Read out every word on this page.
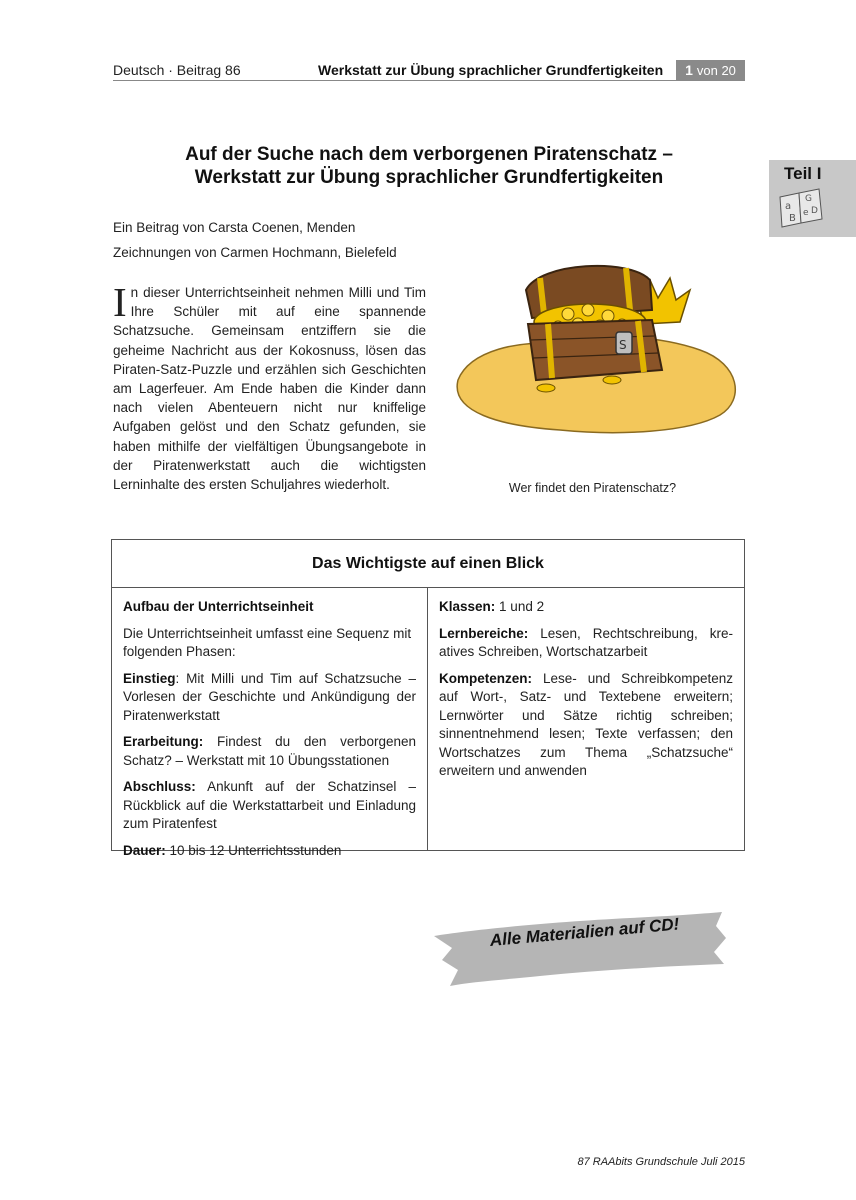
Deutsch · Beitrag 86	Werkstatt zur Übung sprachlicher Grundfertigkeiten 1 von 20
Teil I
a
B
G
e D
Auf der Suche nach dem verborgenen Piratenschatz –
Werkstatt zur Übung sprachlicher Grundfertigkeiten
Ein Beitrag von Carsta Coenen, Menden
Zeichnungen von Carmen Hochmann, Bielefeld
In dieser Unterrichtseinheit nehmen Milli und Tim Ihre Schüler mit auf eine spannende Schatzsuche. Gemeinsam entziffern sie die geheime Nachricht aus der Kokosnuss, lösen das Piraten-Satz-Puzzle und erzählen sich Geschichten am Lagerfeuer. Am Ende haben die Kinder dann nach vielen Abenteuern nicht nur kniffelige Aufgaben gelöst und den Schatz gefunden, sie haben mithilfe der vielfältigen Übungsangebote in der Piratenwerkstatt auch die wichtigsten Lerninhalte des ersten Schuljahres wiederholt.
S
Wer findet den Piratenschatz?
Das Wichtigste auf einen Blick

Aufbau der Unterrichtseinheit

Die Unterrichtseinheit umfasst eine Sequenz mit folgenden Phasen:

Einstieg: Mit Milli und Tim auf Schatzsuche – Vorlesen der Geschichte und Ankündigung der Piratenwerkstatt

Erarbeitung: Findest du den verborgenen Schatz? – Werkstatt mit 10 Übungsstationen

Abschluss: Ankunft auf der Schatzinsel – Rückblick auf die Werkstattarbeit und Einladung zum Piratenfest

Dauer: 10 bis 12 Unterrichtsstunden

Klassen: 1 und 2

Lernbereiche: Lesen, Rechtschreibung, kreatives Schreiben, Wortschatzarbeit

Kompetenzen: Lese- und Schreibkompetenz auf Wort-, Satz- und Textebene erweitern; Lernwörter und Sätze richtig schreiben; sinnentnehmend lesen; Texte verfassen; den Wortschatzes zum Thema „Schatzsuche“ erweitern und anwenden

Alle Materialien auf CD!
87 RAAbits Grundschule Juli 2015
